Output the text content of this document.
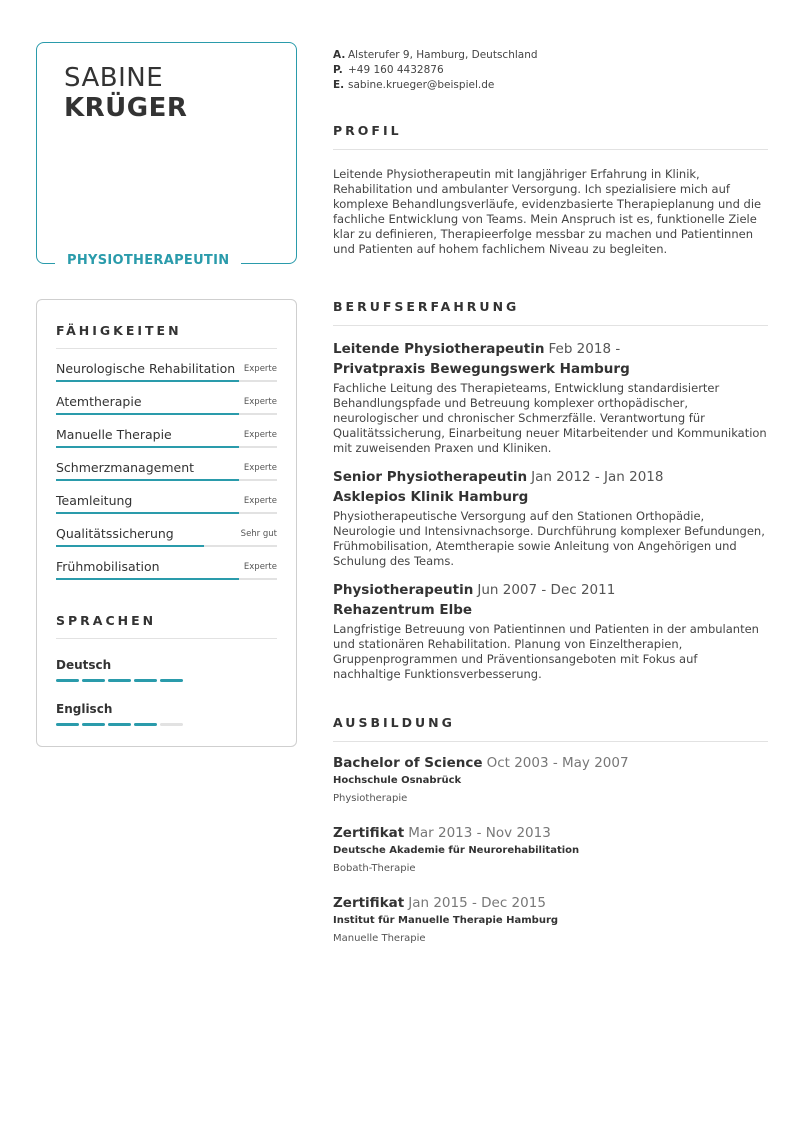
SABINE
KRÜGER
PHYSIOTHERAPEUTIN
FÄHIGKEITEN
Neurologische Rehabilitation Experte
Atemtherapie	Experte
Manuelle Therapie	Experte
Schmerzmanagement	Experte
Teamleitung	Experte
Qualitätssicherung	Sehr gut
Frühmobilisation	Experte
SPRACHEN
Deutsch
Englisch
A. Alsterufer 9, Hamburg, Deutschland
P. +49 160 4432876
E. sabine.krueger@beispiel.de
PROFIL
Leitende Physiotherapeutin mit langjähriger Erfahrung in Klinik, Rehabilitation und ambulanter Versorgung. Ich spezialisiere mich auf komplexe Behandlungsverläufe, evidenzbasierte Therapieplanung und die fachliche Entwicklung von Teams. Mein Anspruch ist es, funktionelle Ziele klar zu definieren, Therapieerfolge messbar zu machen und Patientinnen und Patienten auf hohem fachlichem Niveau zu begleiten.
BERUFSERFAHRUNG
Leitende Physiotherapeutin Feb 2018 -
Privatpraxis Bewegungswerk Hamburg
Fachliche Leitung des Therapieteams, Entwicklung standardisierter Behandlungspfade und Betreuung komplexer orthopädischer, neurologischer und chronischer Schmerzfälle. Verantwortung für Qualitätssicherung, Einarbeitung neuer Mitarbeitender und Kommunikation mit zuweisenden Praxen und Kliniken.
Senior Physiotherapeutin Jan 2012 - Jan 2018
Asklepios Klinik Hamburg
Physiotherapeutische Versorgung auf den Stationen Orthopädie, Neurologie und Intensivnachsorge. Durchführung komplexer Befundungen, Frühmobilisation, Atemtherapie sowie Anleitung von Angehörigen und Schulung des Teams.
Physiotherapeutin Jun 2007 - Dec 2011
Rehazentrum Elbe
Langfristige Betreuung von Patientinnen und Patienten in der ambulanten und stationären Rehabilitation. Planung von Einzeltherapien, Gruppenprogrammen und Präventionsangeboten mit Fokus auf nachhaltige Funktionsverbesserung.
AUSBILDUNG
Bachelor of Science Oct 2003 - May 2007
Hochschule Osnabrück
Physiotherapie
Zertifikat Mar 2013 - Nov 2013
Deutsche Akademie für Neurorehabilitation
Bobath-Therapie
Zertifikat Jan 2015 - Dec 2015
Institut für Manuelle Therapie Hamburg
Manuelle Therapie
